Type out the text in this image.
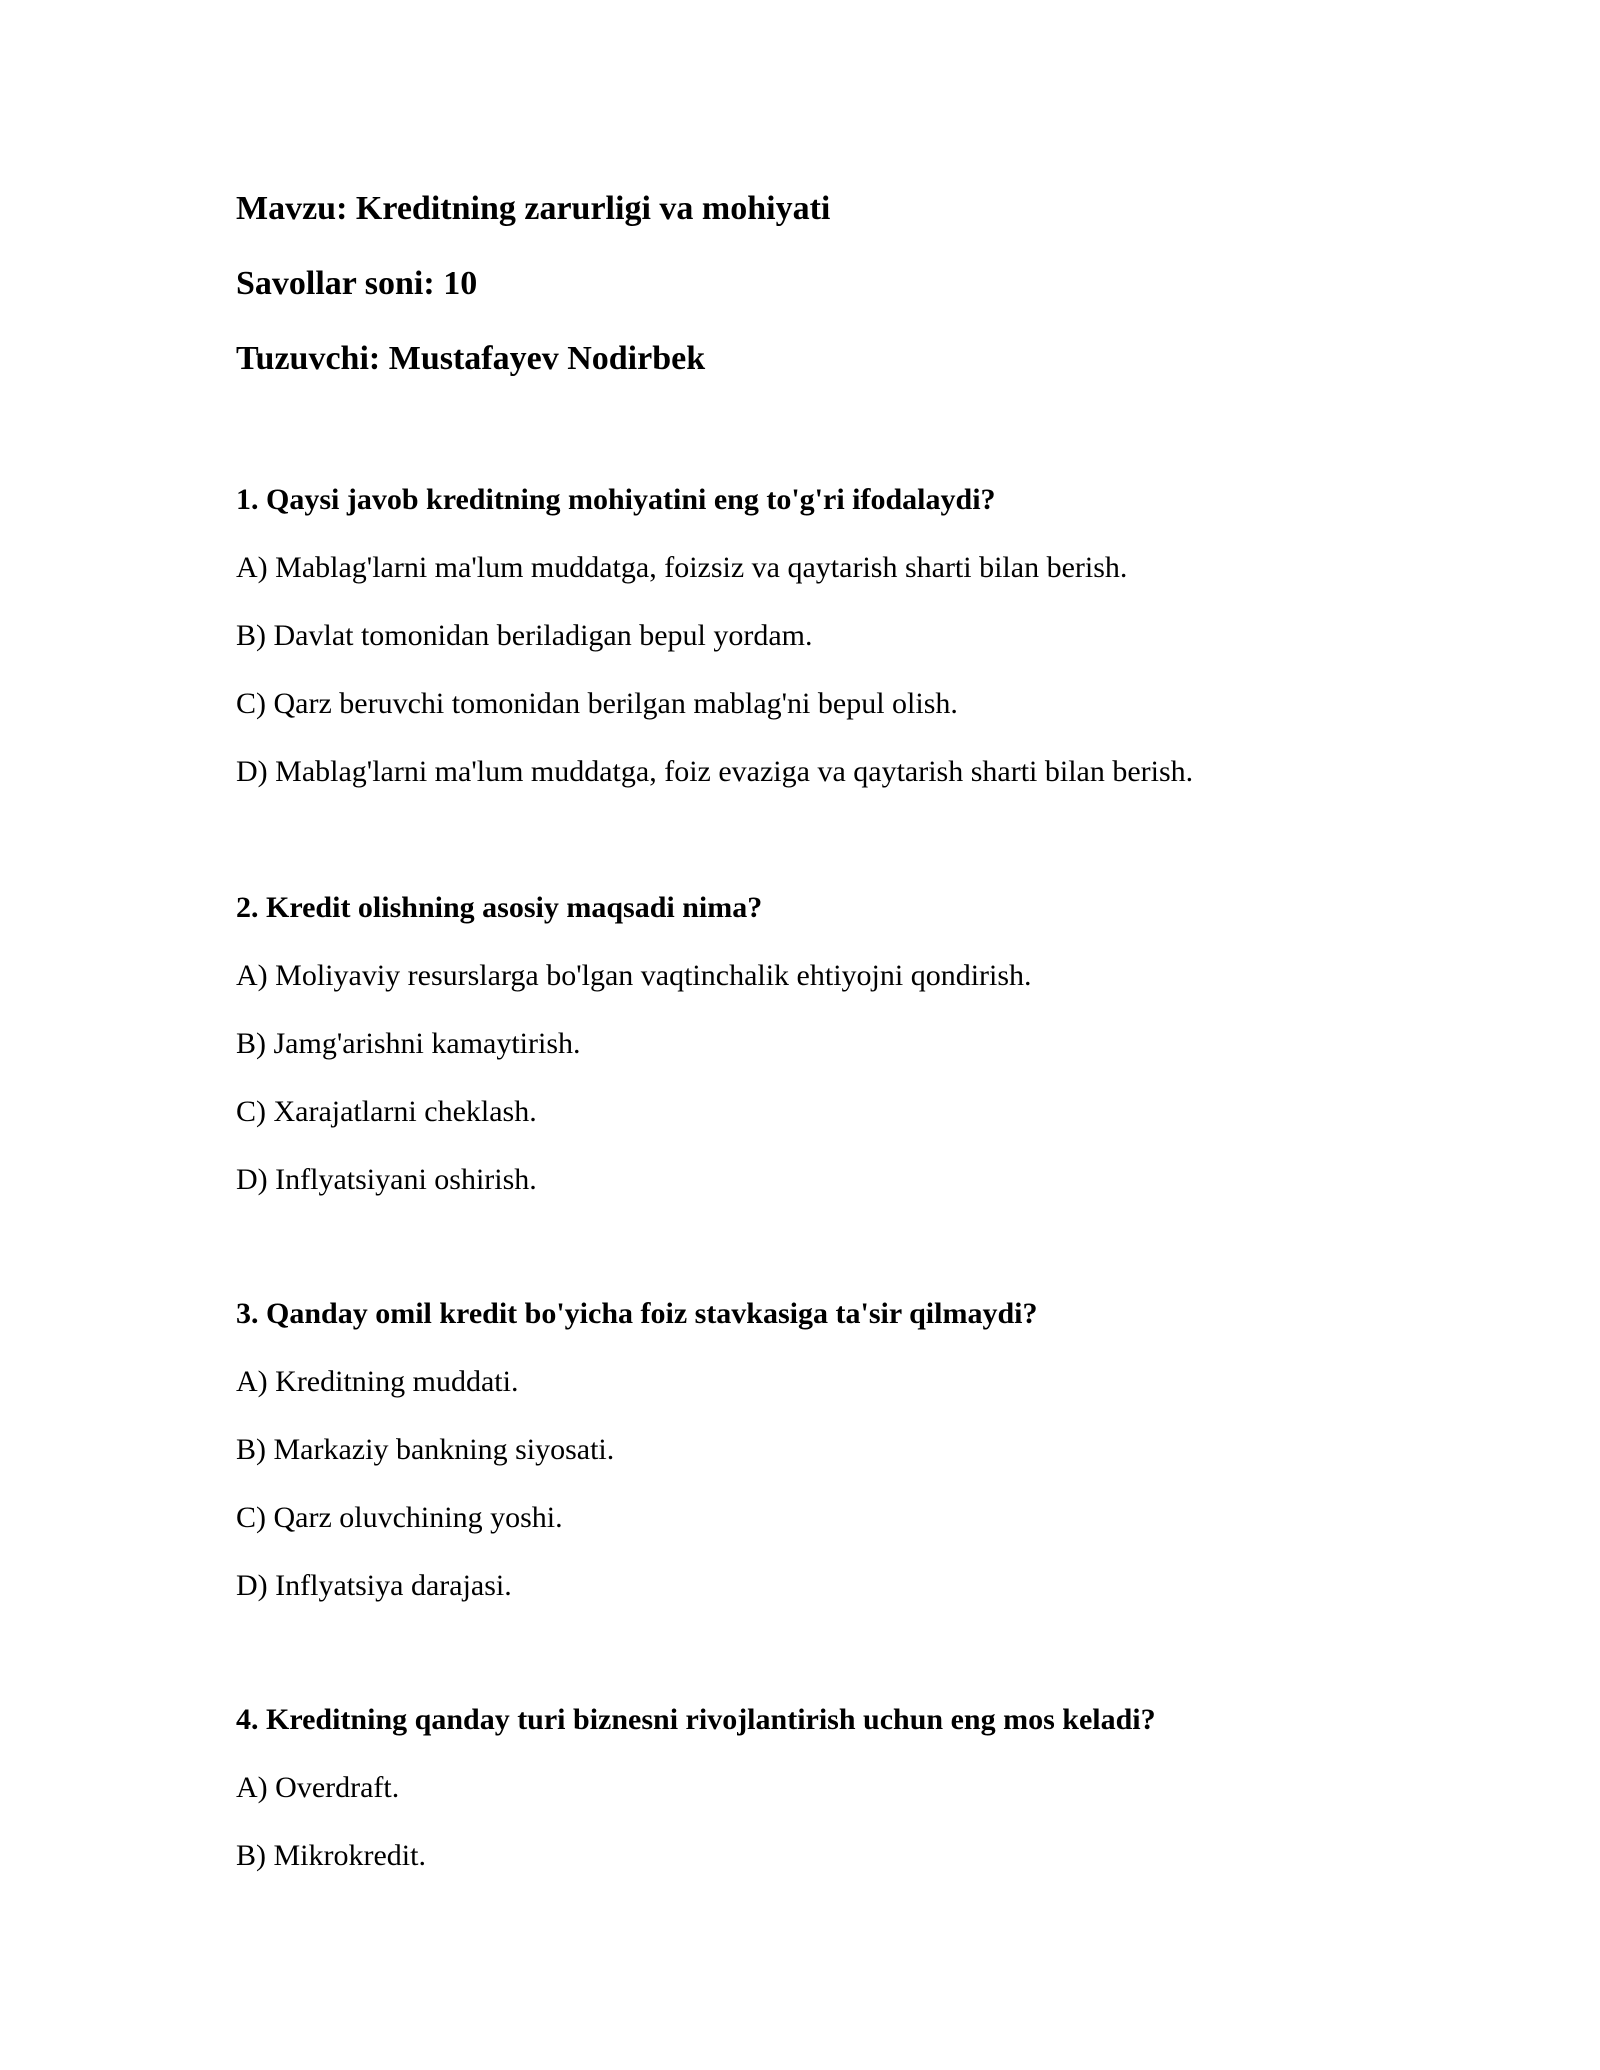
Mavzu: Kreditning zarurligi va mohiyati
Savollar soni: 10
Tuzuvchi: Mustafayev Nodirbek

1. Qaysi javob kreditning mohiyatini eng to'g'ri ifodalaydi?

A) Mablag'larni ma'lum muddatga, foizsiz va qaytarish sharti bilan berish.
B) Davlat tomonidan beriladigan bepul yordam.
C) Qarz beruvchi tomonidan berilgan mablag'ni bepul olish.
D) Mablag'larni ma'lum muddatga, foiz evaziga va qaytarish sharti bilan berish.

2. Kredit olishning asosiy maqsadi nima?

A) Moliyaviy resurslarga bo'lgan vaqtinchalik ehtiyojni qondirish.
B) Jamg'arishni kamaytirish.
C) Xarajatlarni cheklash.
D) Inflyatsiyani oshirish.

3. Qanday omil kredit bo'yicha foiz stavkasiga ta'sir qilmaydi?

A) Kreditning muddati.
B) Markaziy bankning siyosati.
C) Qarz oluvchining yoshi.
D) Inflyatsiya darajasi.

4. Kreditning qanday turi biznesni rivojlantirish uchun eng mos keladi?

A) Overdraft.
B) Mikrokredit.
